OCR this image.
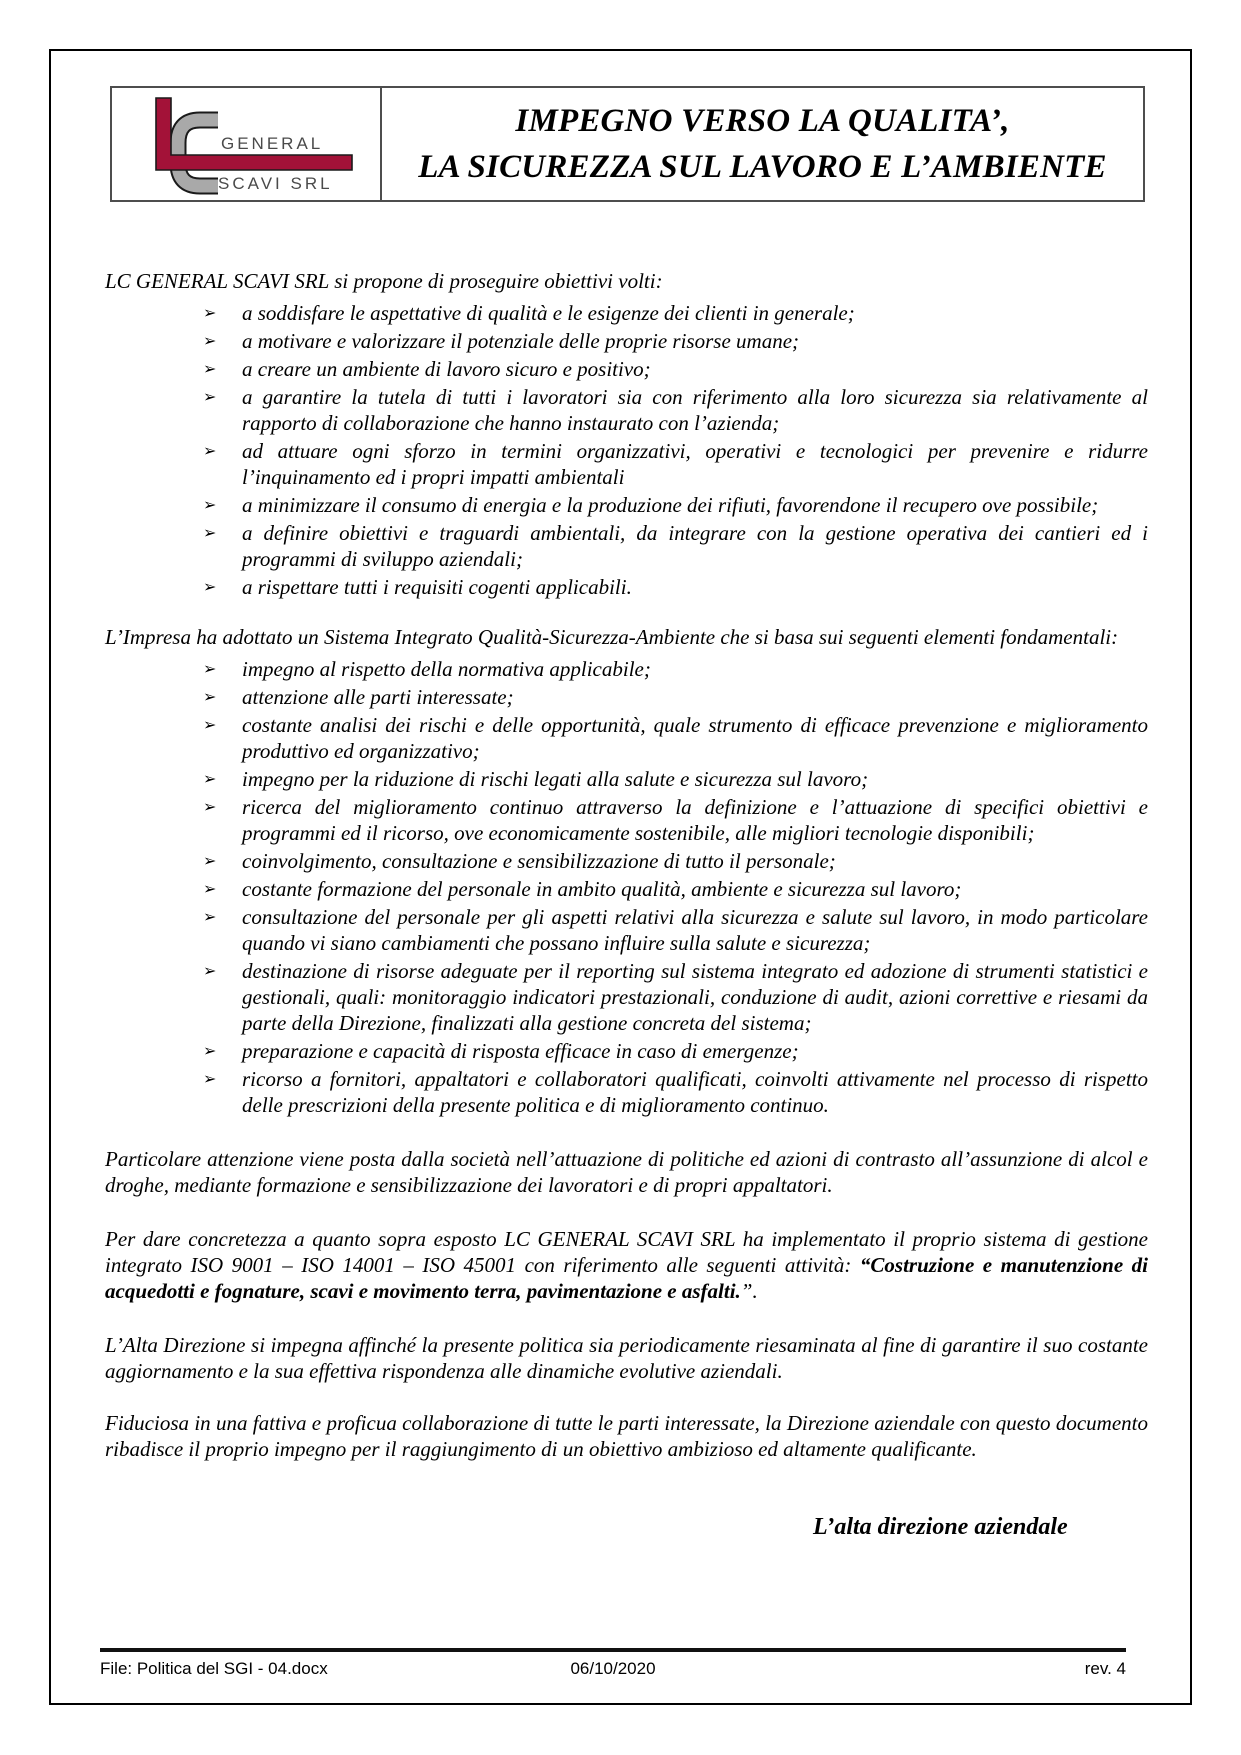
GENERAL
SCAVI SRL
IMPEGNO VERSO LA QUALITA’,
LA SICUREZZA SUL LAVORO E L’AMBIENTE

LC GENERAL SCAVI SRL si propone di proseguire obiettivi volti:

➢	a soddisfare le aspettative di qualità e le esigenze dei clienti in generale;
➢	a motivare e valorizzare il potenziale delle proprie risorse umane;
➢	a creare un ambiente di lavoro sicuro e positivo;
➢	a garantire la tutela di tutti i lavoratori sia con riferimento alla loro sicurezza sia relativamente al rapporto di collaborazione che hanno instaurato con l’azienda;
➢	ad attuare ogni sforzo in termini organizzativi, operativi e tecnologici per prevenire e ridurre l’inquinamento ed i propri impatti ambientali
➢	a minimizzare il consumo di energia e la produzione dei rifiuti, favorendone il recupero ove possibile;
➢	a definire obiettivi e traguardi ambientali, da integrare con la gestione operativa dei cantieri ed i programmi di sviluppo aziendali;
➢	a rispettare tutti i requisiti cogenti applicabili.

L’Impresa ha adottato un Sistema Integrato Qualità-Sicurezza-Ambiente che si basa sui seguenti elementi fondamentali:

➢	impegno al rispetto della normativa applicabile;
➢	attenzione alle parti interessate;
➢	costante analisi dei rischi e delle opportunità, quale strumento di efficace prevenzione e miglioramento produttivo ed organizzativo;
➢	impegno per la riduzione di rischi legati alla salute e sicurezza sul lavoro;
➢	ricerca del miglioramento continuo attraverso la definizione e l’attuazione di specifici obiettivi e programmi ed il ricorso, ove economicamente sostenibile, alle migliori tecnologie disponibili;
➢	coinvolgimento, consultazione e sensibilizzazione di tutto il personale;
➢	costante formazione del personale in ambito qualità, ambiente e sicurezza sul lavoro;
➢	consultazione del personale per gli aspetti relativi alla sicurezza e salute sul lavoro, in modo particolare quando vi siano cambiamenti che possano influire sulla salute e sicurezza;
➢	destinazione di risorse adeguate per il reporting sul sistema integrato ed adozione di strumenti statistici e gestionali, quali: monitoraggio indicatori prestazionali, conduzione di audit, azioni correttive e riesami da parte della Direzione, finalizzati alla gestione concreta del sistema;
➢	preparazione e capacità di risposta efficace in caso di emergenze;
➢	ricorso a fornitori, appaltatori e collaboratori qualificati, coinvolti attivamente nel processo di rispetto delle prescrizioni della presente politica e di miglioramento continuo.

Particolare attenzione viene posta dalla società nell’attuazione di politiche ed azioni di contrasto all’assunzione di alcol e droghe, mediante formazione e sensibilizzazione dei lavoratori e di propri appaltatori.

Per dare concretezza a quanto sopra esposto LC GENERAL SCAVI SRL ha implementato il proprio sistema di gestione integrato ISO 9001 – ISO 14001 – ISO 45001 con riferimento alle seguenti attività: “Costruzione e manutenzione di acquedotti e fognature, scavi e movimento terra, pavimentazione e asfalti.”.

L’Alta Direzione si impegna affinché la presente politica sia periodicamente riesaminata al fine di garantire il suo costante aggiornamento e la sua effettiva rispondenza alle dinamiche evolutive aziendali.

Fiduciosa in una fattiva e proficua collaborazione di tutte le parti interessate, la Direzione aziendale con questo documento ribadisce il proprio impegno per il raggiungimento di un obiettivo ambizioso ed altamente qualificante.

L’alta direzione aziendale
File: Politica del SGI - 04.docx	06/10/2020	rev. 4
